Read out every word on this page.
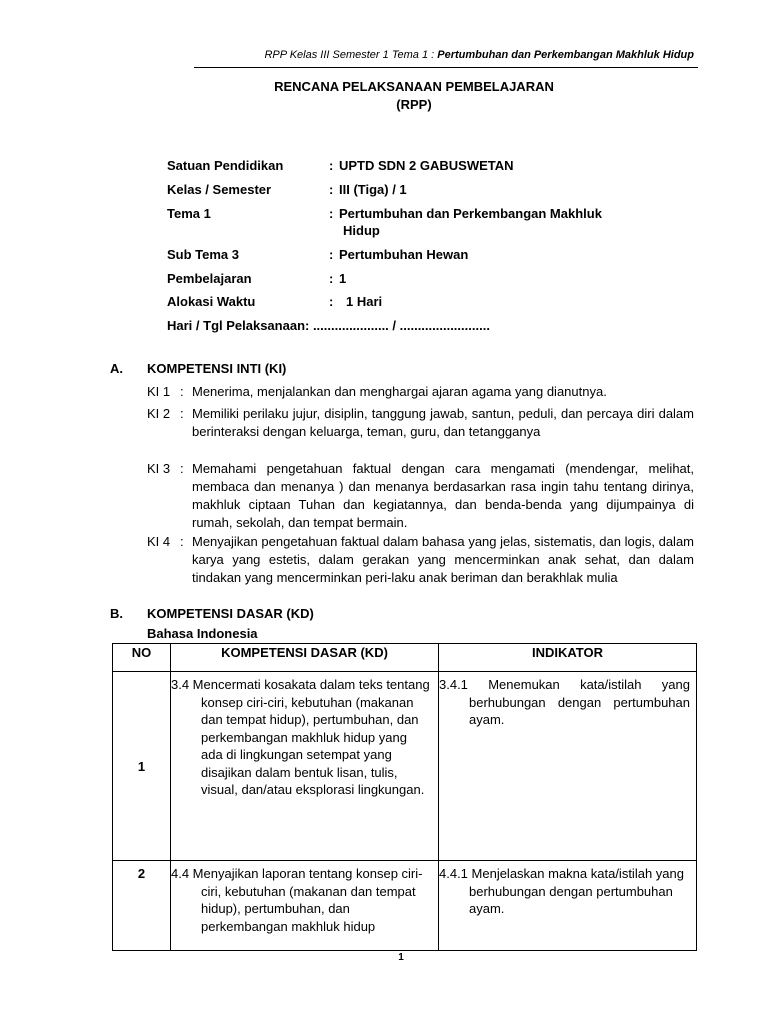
RPP Kelas III Semester 1 Tema 1 : Pertumbuhan dan Perkembangan Makhluk Hidup
RENCANA PELAKSANAAN PEMBELAJARAN
(RPP)
Satuan Pendidikan	: UPTD SDN 2 GABUSWETAN
Kelas / Semester	: III (Tiga) / 1
Tema 1	: Pertumbuhan dan Perkembangan Makhluk
Hidup
Sub Tema 3	: Pertumbuhan Hewan
Pembelajaran	: 1
Alokasi Waktu	: 1 Hari
Hari / Tgl Pelaksanaan: ..................... / .........................
A. KOMPETENSI INTI (KI)
KI 1 : Menerima, menjalankan dan menghargai ajaran agama yang dianutnya.
KI 2 : Memiliki perilaku jujur, disiplin, tanggung jawab, santun, peduli, dan percaya diri dalam berinteraksi dengan keluarga, teman, guru, dan tetangganya
KI 3 : Memahami pengetahuan faktual dengan cara mengamati (mendengar, melihat, membaca dan menanya ) dan menanya berdasarkan rasa ingin tahu tentang dirinya, makhluk ciptaan Tuhan dan kegiatannya, dan benda-benda yang dijumpainya di rumah, sekolah, dan tempat bermain.
KI 4 : Menyajikan pengetahuan faktual dalam bahasa yang jelas, sistematis, dan logis, dalam karya yang estetis, dalam gerakan yang mencerminkan anak sehat, dan dalam tindakan yang mencerminkan peri-laku anak beriman dan berakhlak mulia
B. KOMPETENSI DASAR (KD)
Bahasa Indonesia
NO	KOMPETENSI DASAR (KD)	INDIKATOR
1	3.4 Mencermati kosakata dalam teks tentang konsep ciri-ciri, kebutuhan (makanan dan tempat hidup), pertumbuhan, dan perkembangan makhluk hidup yang ada di lingkungan setempat yang disajikan dalam bentuk lisan, tulis, visual, dan/atau eksplorasi lingkungan.	3.4.1 Menemukan kata/istilah yang berhubungan dengan pertumbuhan ayam.

2	4.4 Menyajikan laporan tentang konsep ciri-ciri, kebutuhan (makanan dan tempat hidup), pertumbuhan, dan perkembangan makhluk hidup	4.4.1 Menjelaskan makna kata/istilah yang berhubungan dengan pertumbuhan ayam.
1
